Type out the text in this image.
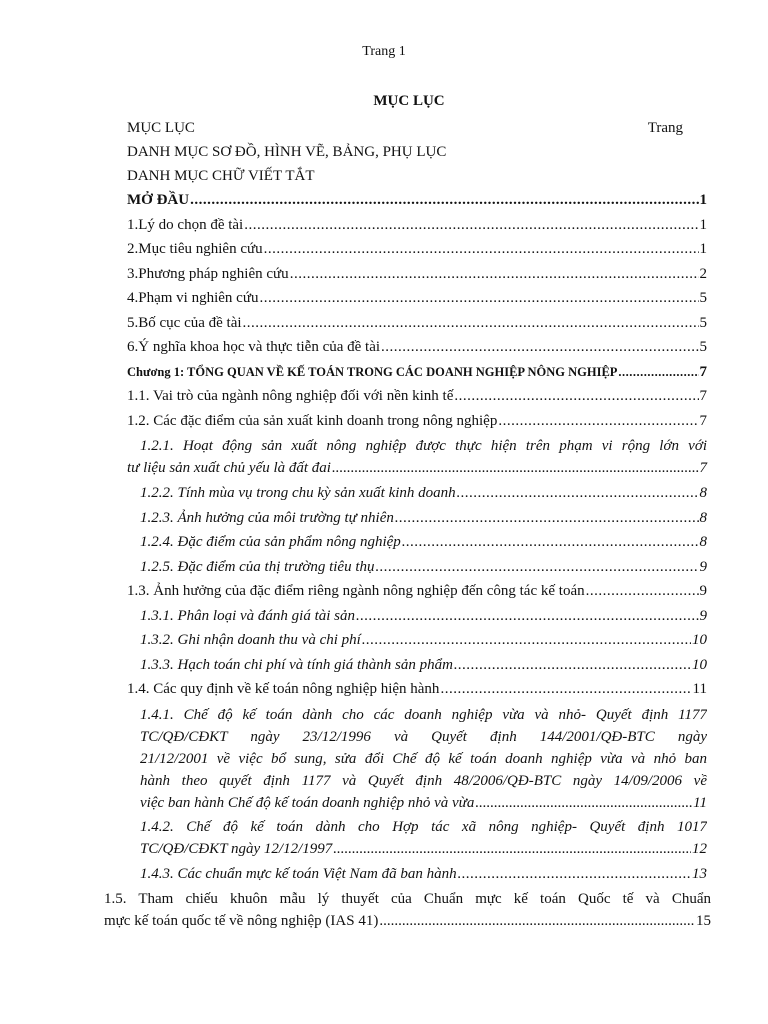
Trang 1
MỤC LỤC
MỤC LỤC	Trang
DANH MỤC SƠ ĐỒ, HÌNH VẼ, BẢNG, PHỤ LỤC
DANH MỤC CHỮ VIẾT TẮT
MỞ ĐẦU .....	1
1. Lý do chọn đề tài .....	1
2. Mục tiêu nghiên cứu .....	1
3. Phương pháp nghiên cứu .....	2
4. Phạm vi nghiên cứu .....	5
5. Bố cục của đề tài .....	5
6. Ý nghĩa khoa học và thực tiễn của đề tài .....	5
Chương 1: TỔNG QUAN VỀ KẾ TOÁN TRONG CÁC DOANH NGHIỆP NÔNG NGHIỆP .....	7
1.1. Vai trò của ngành nông nghiệp đối với nền kinh tế .....	7
1.2. Các đặc điểm của sản xuất kinh doanh trong nông nghiệp .....	7
1.2.1. Hoạt động sản xuất nông nghiệp được thực hiện trên phạm vi rộng lớn với
tư liệu sản xuất chủ yếu là đất đai .....	7
1.2.2. Tính mùa vụ trong chu kỳ sản xuất kinh doanh .....	8
1.2.3. Ảnh hưởng của môi trường tự nhiên .....	8
1.2.4. Đặc điểm của sản phẩm nông nghiệp .....	8
1.2.5. Đặc điểm của thị trường tiêu thụ .....	9
1.3. Ảnh hưởng của đặc điểm riêng ngành nông nghiệp đến công tác kế toán .....	9
1.3.1. Phân loại và đánh giá tài sản .....	9
1.3.2. Ghi nhận doanh thu và chi phí .....	10
1.3.3. Hạch toán chi phí và tính giá thành sản phẩm .....	10
1.4. Các quy định về kế toán nông nghiệp hiện hành .....	11
1.4.1. Chế độ kế toán dành cho các doanh nghiệp vừa và nhỏ- Quyết định 1177
TC/QĐ/CĐKT ngày 23/12/1996 và Quyết định 144/2001/QĐ-BTC ngày
21/12/2001 về việc bổ sung, sửa đổi Chế độ kế toán doanh nghiệp vừa và nhỏ ban
hành theo quyết định 1177 và Quyết định 48/2006/QĐ-BTC ngày 14/09/2006 về
việc ban hành Chế độ kế toán doanh nghiệp nhỏ và vừa .....	11
1.4.2. Chế độ kế toán dành cho Hợp tác xã nông nghiệp- Quyết định 1017
TC/QĐ/CĐKT ngày 12/12/1997 .....	12
1.4.3. Các chuẩn mực kế toán Việt Nam đã ban hành .....	13
1.5. Tham chiếu khuôn mẫu lý thuyết của Chuẩn mực kế toán Quốc tế và Chuẩn
mực kế toán quốc tế về nông nghiệp (IAS 41) .....	15
